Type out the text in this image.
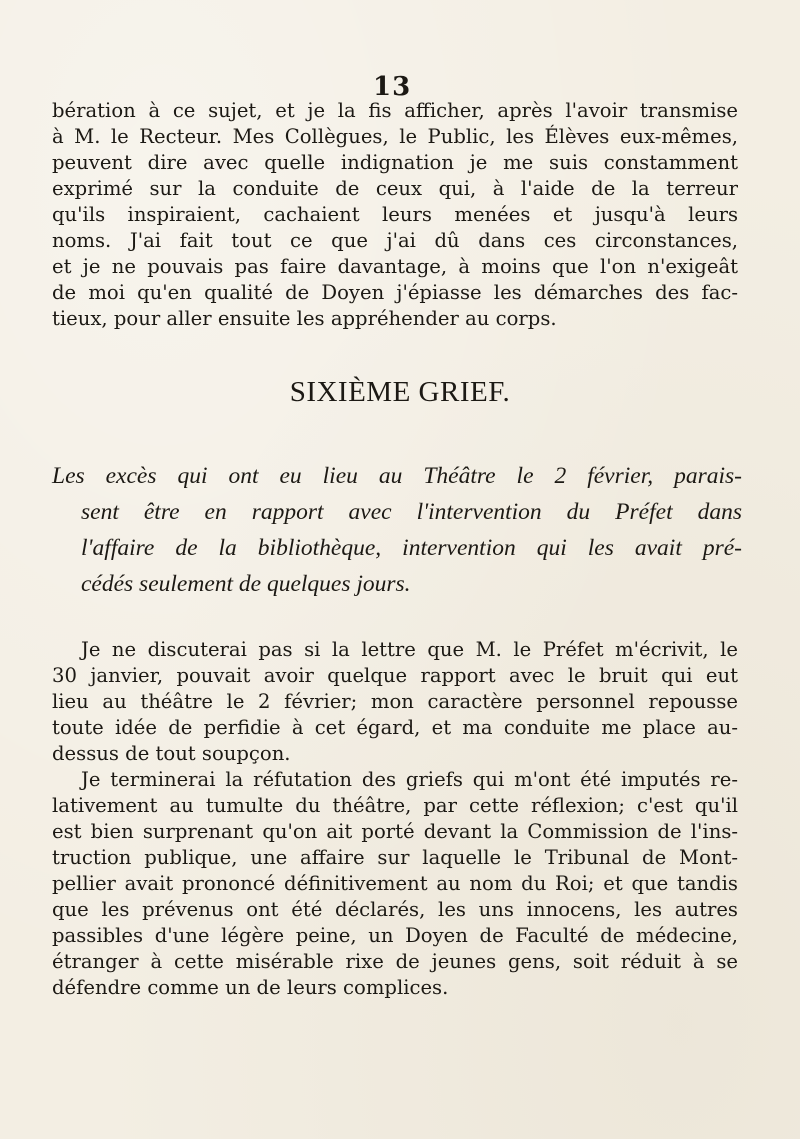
13

bération à ce sujet, et je la fis afficher, après l'avoir transmise
à M. le Recteur. Mes Collègues, le Public, les Élèves eux-mêmes,
peuvent dire avec quelle indignation je me suis constamment
exprimé sur la conduite de ceux qui, à l'aide de la terreur
qu'ils inspiraient, cachaient leurs menées et jusqu'à leurs
noms. J'ai fait tout ce que j'ai dû dans ces circonstances,
et je ne pouvais pas faire davantage, à moins que l'on n'exigeât
de moi qu'en qualité de Doyen j'épiasse les démarches des fac-
tieux, pour aller ensuite les appréhender au corps.

SIXIÈME GRIEF.
Les excès qui ont eu lieu au Théâtre le 2 février, parais-
sent être en rapport avec l'intervention du Préfet dans
l'affaire de la bibliothèque, intervention qui les avait pré-
cédés seulement de quelques jours.

Je ne discuterai pas si la lettre que M. le Préfet m'écrivit, le
30 janvier, pouvait avoir quelque rapport avec le bruit qui eut
lieu au théâtre le 2 février; mon caractère personnel repousse
toute idée de perfidie à cet égard, et ma conduite me place au-
dessus de tout soupçon.

Je terminerai la réfutation des griefs qui m'ont été imputés re-
lativement au tumulte du théâtre, par cette réflexion; c'est qu'il
est bien surprenant qu'on ait porté devant la Commission de l'ins-
truction publique, une affaire sur laquelle le Tribunal de Mont-
pellier avait prononcé définitivement au nom du Roi; et que tandis
que les prévenus ont été déclarés, les uns innocens, les autres
passibles d'une légère peine, un Doyen de Faculté de médecine,
étranger à cette misérable rixe de jeunes gens, soit réduit à se
défendre comme un de leurs complices.
